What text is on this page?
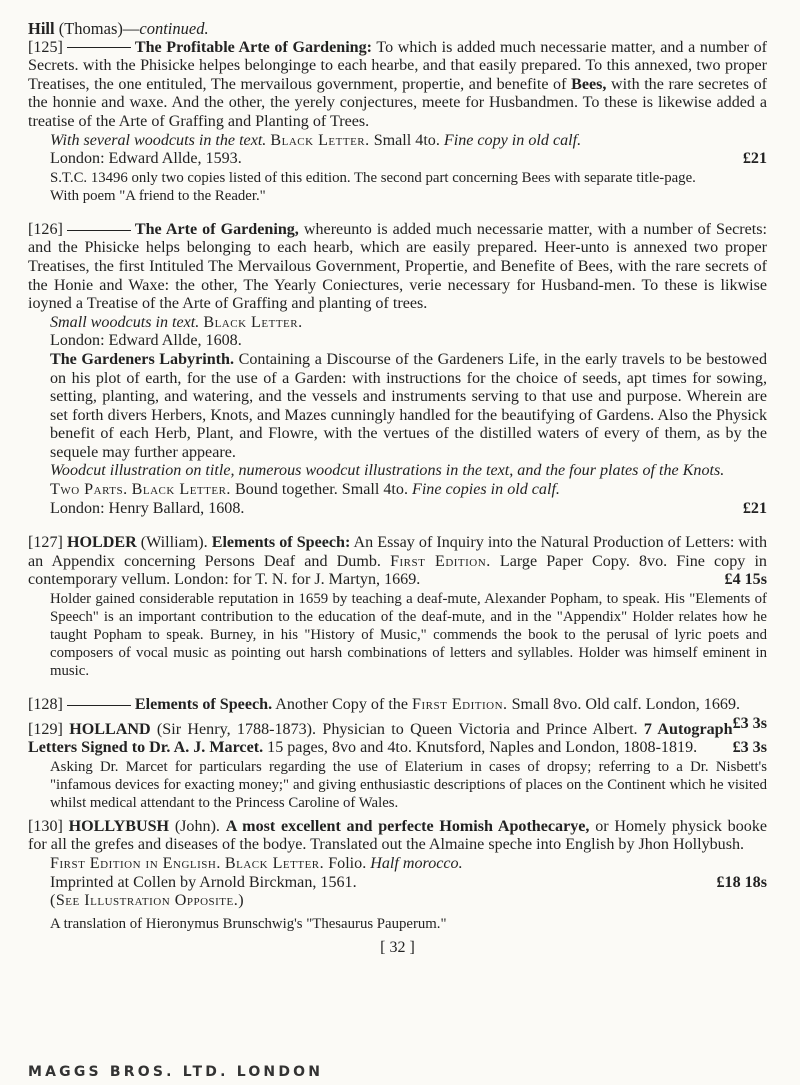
Hill (Thomas)—continued.

[125]	The Profitable Arte of Gardening: To which is added much necessarie matter, and a number of Secrets. with the Phisicke helpes belonginge to each hearbe, and that easily prepared. To this annexed, two proper Treatises, the one entituled, The mervailous government, propertie, and benefite of Bees, with the rare secretes of the honnie and waxe. And the other, the yerely conjectures, meete for Husbandmen. To these is likewise added a treatise of the Arte of Graffing and Planting of Trees.

With several woodcuts in the text. Black Letter. Small 4to. Fine copy in old calf.

London: Edward Allde, 1593.	£21

S.T.C. 13496 only two copies listed of this edition. The second part concerning Bees with separate title-page.

With poem "A friend to the Reader."

[126]	The Arte of Gardening, whereunto is added much necessarie matter, with a number of Secrets: and the Phisicke helps belonging to each hearb, which are easily prepared. Heer-unto is annexed two proper Treatises, the first Intituled The Mervailous Government, Propertie, and Benefite of Bees, with the rare secrets of the Honie and Waxe: the other, The Yearly Coniectures, verie necessary for Husband-men. To these is likwise ioyned a Treatise of the Arte of Graffing and planting of trees.

Small woodcuts in text. Black Letter.

London: Edward Allde, 1608.

The Gardeners Labyrinth. Containing a Discourse of the Gardeners Life, in the early travels to be bestowed on his plot of earth, for the use of a Garden: with instructions for the choice of seeds, apt times for sowing, setting, planting, and watering, and the vessels and instruments serving to that use and purpose. Wherein are set forth divers Herbers, Knots, and Mazes cunningly handled for the beautifying of Gardens. Also the Physick benefit of each Herb, Plant, and Flowre, with the vertues of the distilled waters of every of them, as by the sequele may further appeare.

Woodcut illustration on title, numerous woodcut illustrations in the text, and the four plates of the Knots.

Two Parts. Black Letter. Bound together. Small 4to. Fine copies in old calf.

London: Henry Ballard, 1608.	£21

[127] HOLDER (William). Elements of Speech: An Essay of Inquiry into the Natural Production of Letters: with an Appendix concerning Persons Deaf and Dumb. First Edition. Large Paper Copy. 8vo. Fine copy in contemporary vellum. London: for T. N. for J. Martyn, 1669.	£4 15s

Holder gained considerable reputation in 1659 by teaching a deaf-mute, Alexander Popham, to speak. His "Elements of Speech" is an important contribution to the education of the deaf-mute, and in the "Appendix" Holder relates how he taught Popham to speak. Burney, in his "History of Music," commends the book to the perusal of lyric poets and composers of vocal music as pointing out harsh combinations of letters and syllables. Holder was himself eminent in music.

[128]	Elements of Speech. Another Copy of the First Edition. Small 8vo. Old calf. London, 1669.
£3 3s

[129] HOLLAND (Sir Henry, 1788-1873). Physician to Queen Victoria and Prince Albert. 7 Autograph Letters Signed to Dr. A. J. Marcet. 15 pages, 8vo and 4to. Knutsford, Naples and London, 1808-1819. £3 3s

Asking Dr. Marcet for particulars regarding the use of Elaterium in cases of dropsy; referring to a Dr. Nisbett's "infamous devices for exacting money;" and giving enthusiastic descriptions of places on the Continent which he visited whilst medical attendant to the Princess Caroline of Wales.

[130] HOLLYBUSH (John). A most excellent and perfecte Homish Apothecarye, or Homely physick booke for all the grefes and diseases of the bodye. Translated out the Almaine speche into English by Jhon Hollybush.

First Edition in English. Black Letter. Folio. Half morocco.

Imprinted at Collen by Arnold Birckman, 1561.	£18 18s

(See Illustration Opposite.)

A translation of Hieronymus Brunschwig's "Thesaurus Pauperum."

[ 32 ]
MAGGS BROS. LTD. LONDON
